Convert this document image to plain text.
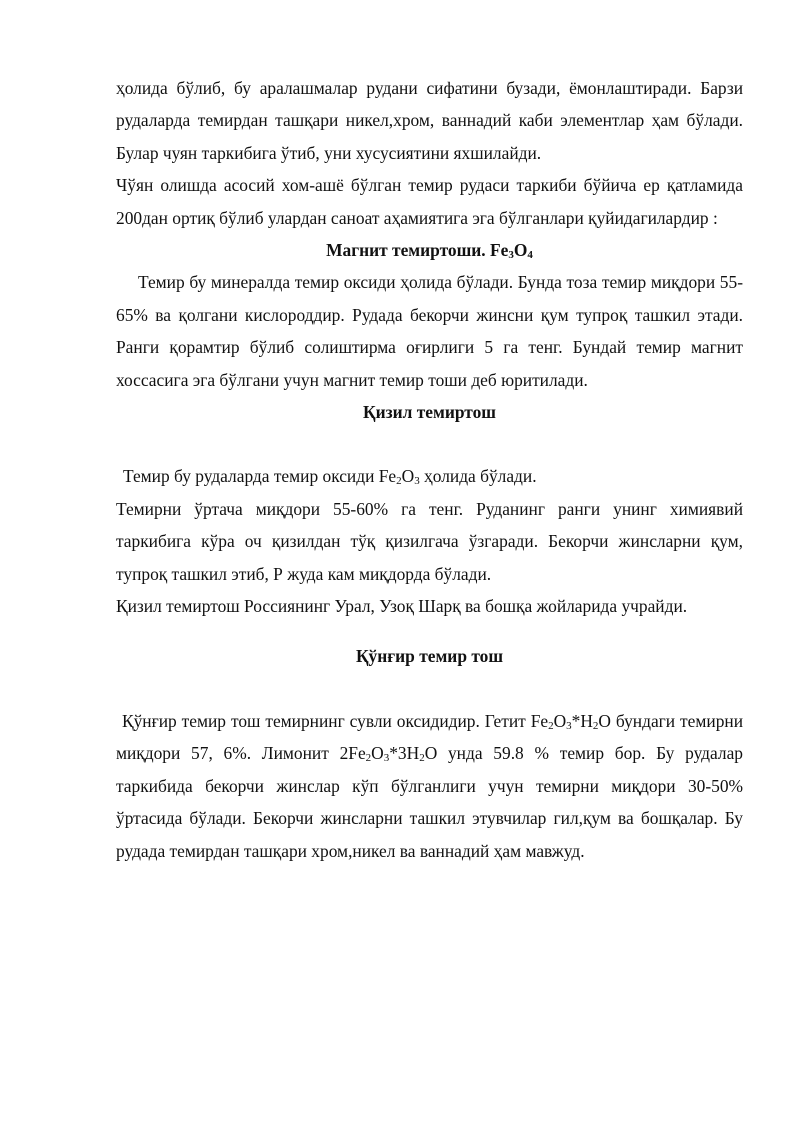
ҳолида бўлиб, бу аралашмалар рудани сифатини бузади, ёмонлаштиради. Барзи рудаларда темирдан ташқари никел,хром, ваннадий каби элементлар ҳам бўлади. Булар чуян таркибига ўтиб, уни хусусиятини яхшилайди.

Чўян олишда асосий хом-ашё бўлган темир рудаси таркиби бўйича ер қатламида 200дан ортиқ бўлиб улардан саноат аҳамиятига эга бўлганлари қуйидагилардир :

Магнит темиртоши. $Fe_3O_4$

Темир бу минералда темир оксиди ҳолида бўлади. Бунда тоза темир миқдори 55-65% ва қолгани кислороддир. Рудада бекорчи жинсни қум тупроқ ташкил этади. Ранги қорамтир бўлиб солиштирма оғирлиги 5 га тенг. Бундай темир магнит хоссасига эга бўлгани учун магнит темир тоши деб юритилади.

Қизил темиртош

Темир бу рудаларда темир оксиди $Fe_2O_3$ ҳолида бўлади.

Темирни ўртача миқдори 55-60% га тенг. Руданинг ранги унинг химиявий таркибига кўра оч қизилдан тўқ қизилгача ўзгаради. Бекорчи жинсларни қум, тупроқ ташкил этиб, Р жуда кам миқдорда бўлади.

Қизил темиртош Россиянинг Урал, Узоқ Шарқ ва бошқа жойларида учрайди.

Қўнғир темир тош

Қўнғир темир тош темирнинг сувли оксидидир. Гетит $Fe_2O_3*H_2O$ бундаги темирни миқдори 57, 6%. Лимонит $2Fe_2O_3*3H_2O$ унда 59.8 % темир бор. Бу рудалар таркибида бекорчи жинслар кўп бўлганлиги учун темирни миқдори 30-50% ўртасида бўлади. Бекорчи жинсларни ташкил этувчилар гил,қум ва бошқалар. Бу рудада темирдан ташқари хром,никел ва ваннадий ҳам мавжуд.
